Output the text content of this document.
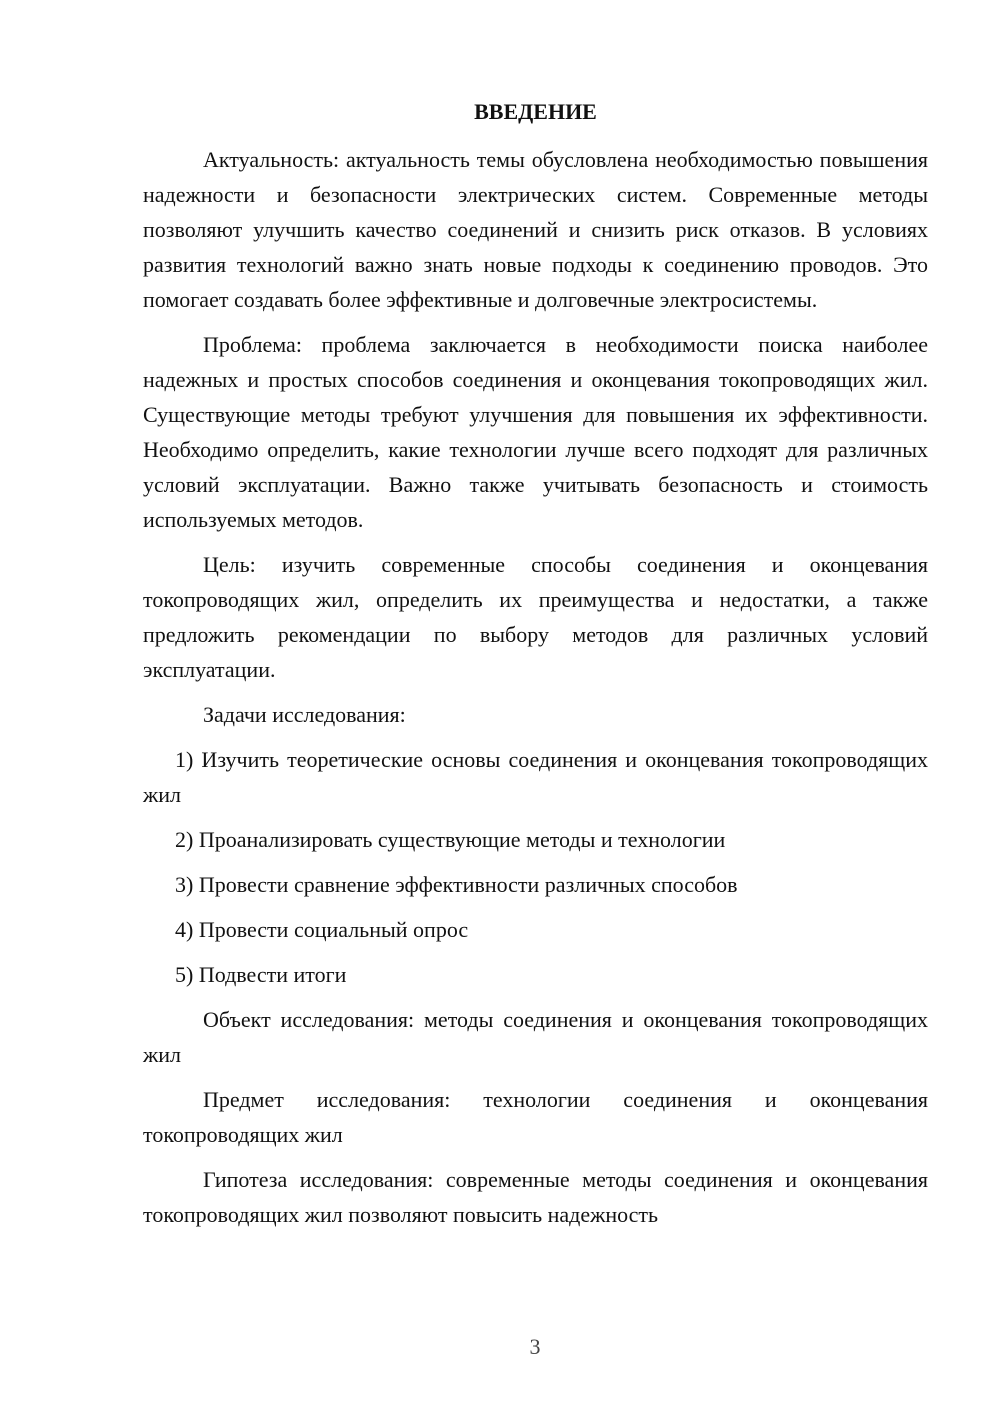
ВВЕДЕНИЕ

Актуальность: актуальность темы обусловлена необходимостью повышения надежности и безопасности электрических систем. Современные методы позволяют улучшить качество соединений и снизить риск отказов. В условиях развития технологий важно знать новые подходы к соединению проводов. Это помогает создавать более эффективные и долговечные электросистемы.

Проблема: проблема заключается в необходимости поиска наиболее надежных и простых способов соединения и оконцевания токопроводящих жил. Существующие методы требуют улучшения для повышения их эффективности. Необходимо определить, какие технологии лучше всего подходят для различных условий эксплуатации. Важно также учитывать безопасность и стоимость используемых методов.

Цель: изучить современные способы соединения и оконцевания токопроводящих жил, определить их преимущества и недостатки, а также предложить рекомендации по выбору методов для различных условий эксплуатации.

Задачи исследования:

1) Изучить теоретические основы соединения и оконцевания токопроводящих жил

2) Проанализировать существующие методы и технологии

3) Провести сравнение эффективности различных способов

4) Провести социальный опрос

5) Подвести итоги

Объект исследования: методы соединения и оконцевания токопроводящих жил

Предмет исследования: технологии соединения и оконцевания токопроводящих жил

Гипотеза исследования: современные методы соединения и оконцевания токопроводящих жил позволяют повысить надежность

3
